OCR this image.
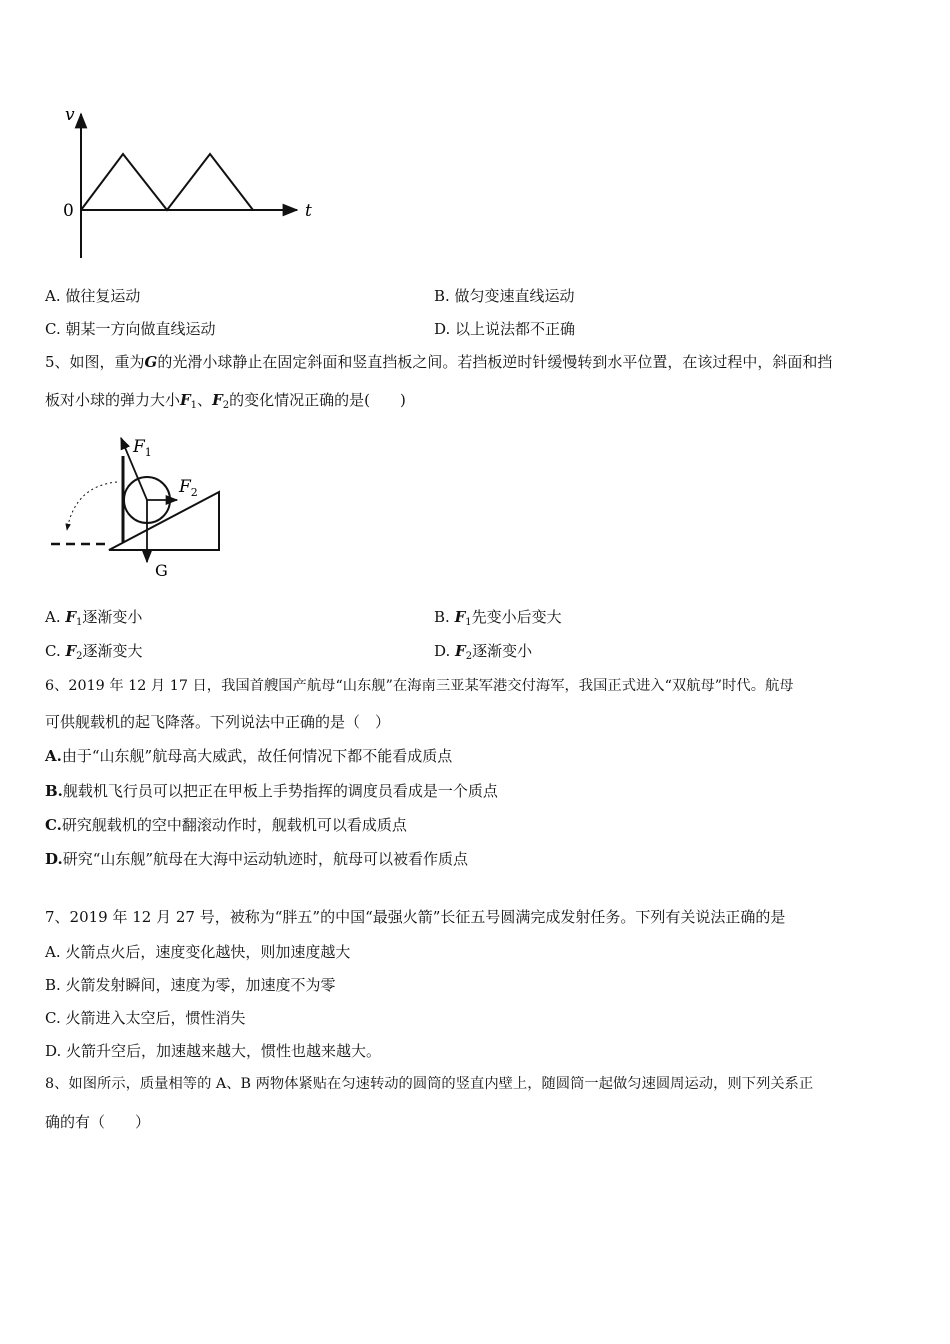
v
t
0
A. 做往复运动	B. 做匀变速直线运动
C. 朝某一方向做直线运动	D. 以上说法都不正确
5、如图，重为G的光滑小球静止在固定斜面和竖直挡板之间。若挡板逆时针缓慢转到水平位置，在该过程中，斜面和挡
板对小球的弹力大小$F_1$、$F_2$的变化情况正确的是(　　)
$F_1$
$F_2$
G
A. $F_1$逐渐变小	B. $F_1$先变小后变大
C. $F_2$逐渐变大	D. $F_2$逐渐变小
6、2019 年 12 月 17 日，我国首艘国产航母“山东舰”在海南三亚某军港交付海军，我国正式进入“双航母”时代。航母
可供舰载机的起飞降落。下列说法中正确的是（　）
A.由于“山东舰”航母高大威武，故任何情况下都不能看成质点
B.舰载机飞行员可以把正在甲板上手势指挥的调度员看成是一个质点
C.研究舰载机的空中翻滚动作时，舰载机可以看成质点
D.研究“山东舰”航母在大海中运动轨迹时，航母可以被看作质点
7、2019 年 12 月 27 号，被称为“胖五”的中国“最强火箭”长征五号圆满完成发射任务。下列有关说法正确的是
A. 火箭点火后，速度变化越快，则加速度越大
B. 火箭发射瞬间，速度为零，加速度不为零
C. 火箭进入太空后，惯性消失
D. 火箭升空后，加速越来越大，惯性也越来越大。
8、如图所示，质量相等的 A、B 两物体紧贴在匀速转动的圆筒的竖直内壁上，随圆筒一起做匀速圆周运动，则下列关系正
确的有（　　）
